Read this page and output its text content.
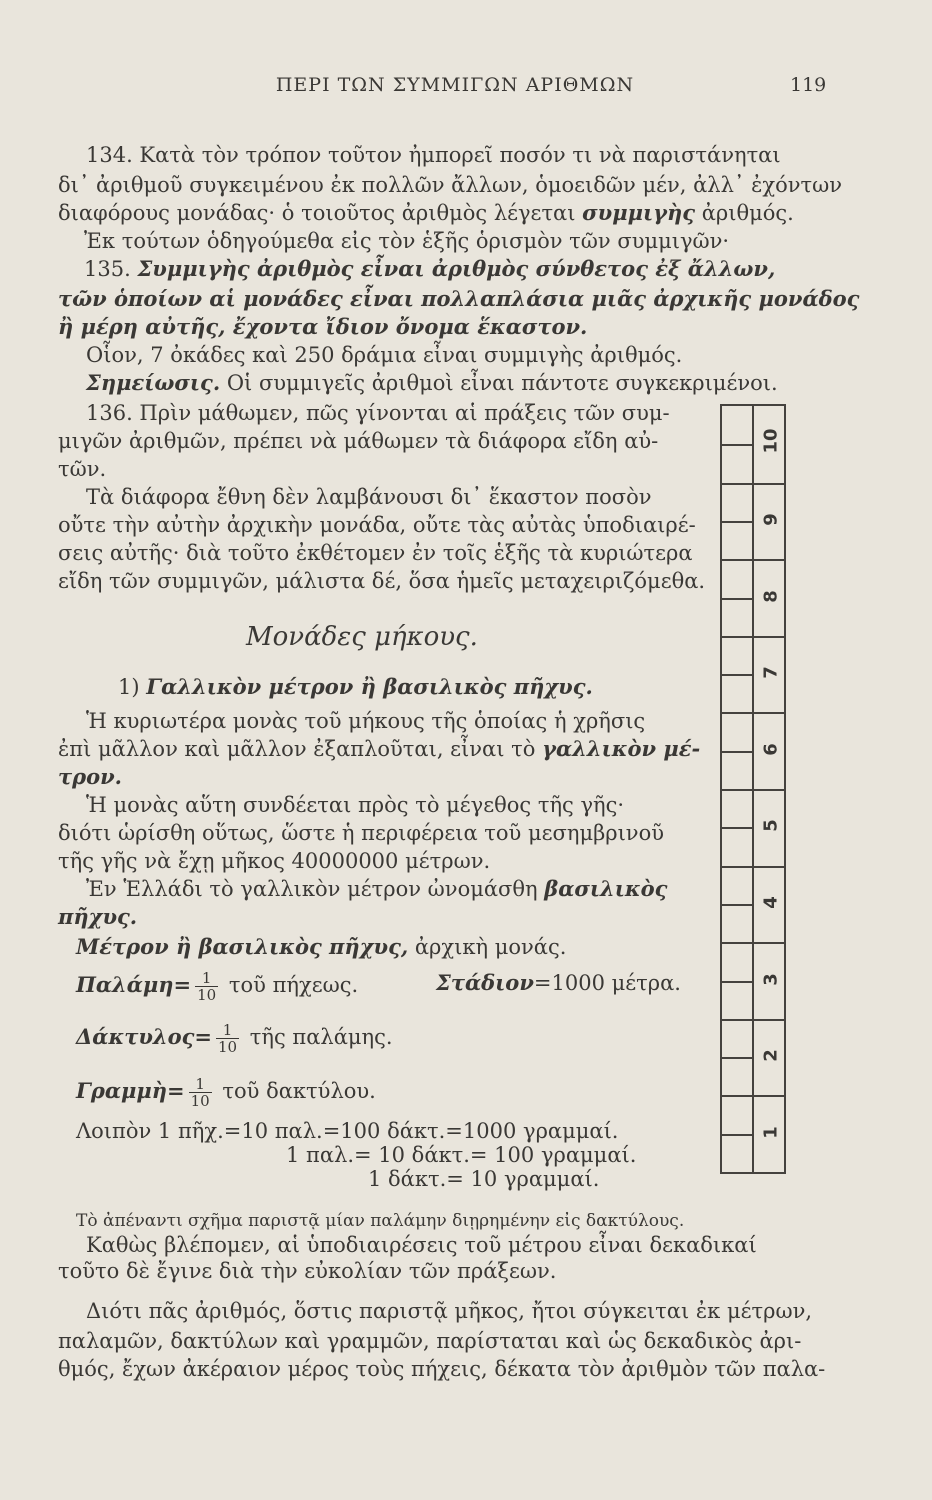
ΠΕΡΙ ΤΩΝ ΣΥΜΜΙΓΩΝ ΑΡΙΘΜΩΝ	119
134. Κατὰ τὸν τρόπον τοῦτον ἠμπορεῖ ποσόν τι νὰ παριστάνηται
δι᾽ ἀριθμοῦ συγκειμένου ἐκ πολλῶν ἄλλων, ὁμοειδῶν μέν, ἀλλ᾽ ἐχόντων
διαφόρους μονάδας· ὁ τοιοῦτος ἀριθμὸς λέγεται συμμιγὴς ἀριθμός.
Ἐκ τούτων ὁδηγούμεθα εἰς τὸν ἑξῆς ὁρισμὸν τῶν συμμιγῶν·
135. Συμμιγὴς ἀριθμὸς εἶναι ἀριθμὸς σύνθετος ἐξ ἄλλων,
τῶν ὁποίων αἱ μονάδες εἶναι πολλαπλάσια μιᾶς ἀρχικῆς μονάδος
ἢ μέρη αὐτῆς, ἔχοντα ἴδιον ὄνομα ἕκαστον.
Οἷον, 7 ὀκάδες καὶ 250 δράμια εἶναι συμμιγὴς ἀριθμός.
Σημείωσις. Οἱ συμμιγεῖς ἀριθμοὶ εἶναι πάντοτε συγκεκριμένοι.
136. Πρὶν μάθωμεν, πῶς γίνονται αἱ πράξεις τῶν συμ-
μιγῶν ἀριθμῶν, πρέπει νὰ μάθωμεν τὰ διάφορα εἴδη αὐ-
τῶν.
Τὰ διάφορα ἔθνη δὲν λαμβάνουσι δι᾽ ἕκαστον ποσὸν
οὔτε τὴν αὐτὴν ἀρχικὴν μονάδα, οὔτε τὰς αὐτὰς ὑποδιαιρέ-
σεις αὐτῆς· διὰ τοῦτο ἐκθέτομεν ἐν τοῖς ἑξῆς τὰ κυριώτερα
εἴδη τῶν συμμιγῶν, μάλιστα δέ, ὅσα ἡμεῖς μεταχειριζόμεθα.
Μονάδες μήκους.
1) Γαλλικὸν μέτρον ἢ βασιλικὸς πῆχυς.
Ἡ κυριωτέρα μονὰς τοῦ μήκους τῆς ὁποίας ἡ χρῆσις
ἐπὶ μᾶλλον καὶ μᾶλλον ἐξαπλοῦται, εἶναι τὸ γαλλικὸν μέ-
τρον.
Ἡ μονὰς αὕτη συνδέεται πρὸς τὸ μέγεθος τῆς γῆς·
διότι ὡρίσθη οὕτως, ὥστε ἡ περιφέρεια τοῦ μεσημβρινοῦ
τῆς γῆς νὰ ἔχῃ μῆκος 40000000 μέτρων.
Ἐν Ἑλλάδι τὸ γαλλικὸν μέτρον ὠνομάσθη βασιλικὸς
πῆχυς.
Μέτρον ἢ βασιλικὸς πῆχυς, ἀρχικὴ μονάς.
$\Pi\alpha\lambda ά\mu\eta= \frac{1}{10}$ τοῦ πήχεως.	Στάδιον=1000 μέτρα.
$\Delta ά\kappa\tau\upsilon\lambda o\varsigma= \frac{1}{10}$ τῆς παλάμης.
Γραμμὴ= $\frac{1}{10}$ τοῦ δακτύλου.
Λοιπὸν 1 πῆχ.=10 παλ.=100 δάκτ.=1000 γραμμαί.
1 παλ.= 10 δάκτ.= 100 γραμμαί.
1 δάκτ.= 10 γραμμαί.
Τὸ ἀπέναντι σχῆμα παριστᾷ μίαν παλάμην διῃρημένην εἰς δακτύλους.
Καθὼς βλέπομεν, αἱ ὑποδιαιρέσεις τοῦ μέτρου εἶναι δεκαδικαί
τοῦτο δὲ ἔγινε διὰ τὴν εὐκολίαν τῶν πράξεων.
Διότι πᾶς ἀριθμός, ὅστις παριστᾷ μῆκος, ἤτοι σύγκειται ἐκ μέτρων,
παλαμῶν, δακτύλων καὶ γραμμῶν, παρίσταται καὶ ὡς δεκαδικὸς ἀρι-
θμός, ἔχων ἀκέραιον μέρος τοὺς πήχεις, δέκατα τὸν ἀριθμὸν τῶν παλα-
10
9
8
7
6
5
4
3
2
1
